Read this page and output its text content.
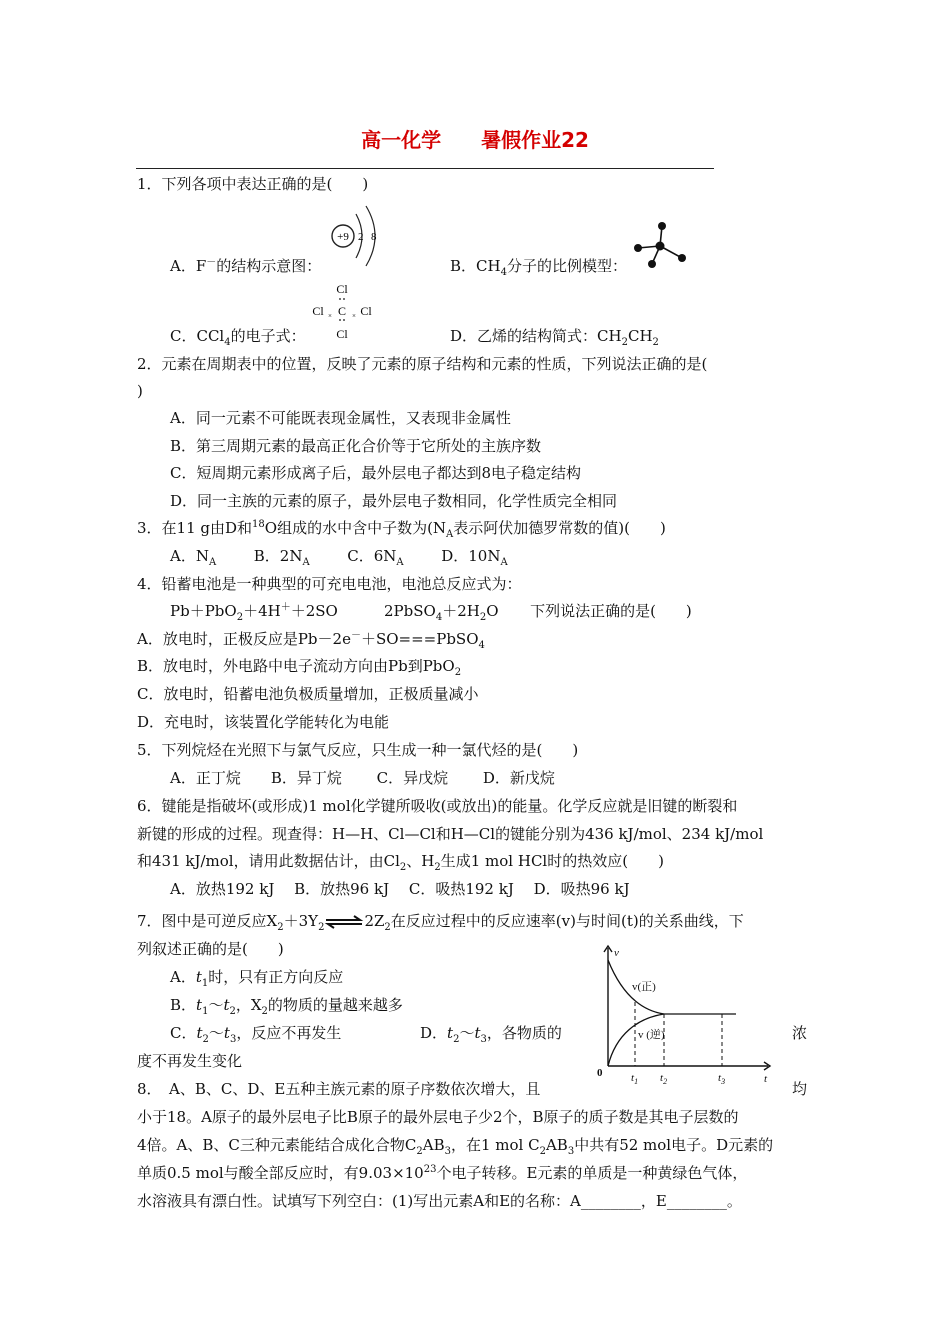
高一化学　　暑假作业22
1．下列各项中表达正确的是(　　)
+9 2 8
A．F－的结构示意图：	B．$CH_4$分子的比例模型：
Cl
Cl C Cl
Cl
×	×
C．CCl$_4$的电子式：	D．乙烯的结构简式：$CH_2CH_2$
2．元素在周期表中的位置，反映了元素的原子结构和元素的性质，下列说法正确的是(
)
A．同一元素不可能既表现金属性，又表现非金属性
B．第三周期元素的最高正化合价等于它所处的主族序数
C．短周期元素形成离子后，最外层电子都达到8电子稳定结构
D．同一主族的元素的原子，最外层电子数相同，化学性质完全相同
3．在11 g由D和$^{18}$O组成的水中含中子数为($N_A$表示阿伏加德罗常数的值)(　　)
A．$N_A$	B．$2N_A$	C．$6N_A$	D．$10N_A$
4．铅蓄电池是一种典型的可充电电池，电池总反应式为：
Pb＋PbO$_2$＋4H＋＋2SO	$2PbSO_4+2H_2O$ 下列说法正确的是(　　)
A．放电时，正极反应是Pb－2e－＋SO===PbSO$_4$
B．放电时，外电路中电子流动方向由Pb到PbO$_2$
C．放电时，铅蓄电池负极质量增加，正极质量减小
D．充电时，该装置化学能转化为电能
5．下列烷烃在光照下与氯气反应，只生成一种一氯代烃的是(　　)
A．正丁烷　　B．异丁烷　　 C．异戊烷　　 D．新戊烷
6．键能是指破坏(或形成)1 mol化学键所吸收(或放出)的能量。化学反应就是旧键的断裂和
新键的形成的过程。现查得：H—H、Cl—Cl和H—Cl的键能分别为436 kJ/mol、234 kJ/mol
和431 kJ/mol，请用此数据估计，由$Cl_2$、$H_2$生成1 mol HCl时的热效应(　　)
A．放热192 kJ　 B．放热96 kJ　 C．吸热192 kJ　 D．吸热96 kJ
7．图中是可逆反应$X_2+3Y_2\rightleftharpoons 2Z_2$在反应过程中的反应速率(v)与时间(t)的关系曲线，下
列叙述正确的是(　　)
A．$t_1$时，只有正方向反应
B．$t_1\sim t_2$，$X_2$的物质的量越来越多
C．$t_2\sim t_3$，反应不再发生	D．$t_2\sim t_3$，各物质的	浓
度不再发生变化
v
t
0
v(正)
v (逆)
$t_1$ $t_2$	$t_3$
8．　A、B、C、D、E五种主族元素的原子序数依次增大，且	均
小于18。A原子的最外层电子比B原子的最外层电子少2个，B原子的质子数是其电子层数的
4倍。A、B、C三种元素能结合成化合物$C_2AB_3$，在1 mol $C_2AB_3$中共有52 mol电子。D元素的
单质0.5 mol与酸全部反应时，有$9.03\times 10^{23}$个电子转移。E元素的单质是一种黄绿色气体，
水溶液具有漂白性。试填写下列空白：(1)写出元素A和E的名称：A________，E________。
